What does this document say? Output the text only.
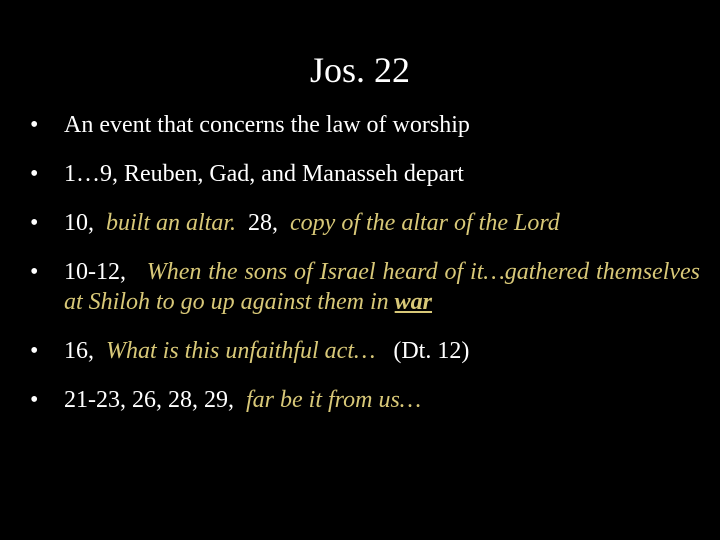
Jos. 22
•	An event that concerns the law of worship
•	1…9, Reuben, Gad, and Manasseh depart
•	10, built an altar. 28, copy of the altar of the Lord
•	10-12, When the sons of Israel heard of it…gathered themselves at Shiloh to go up against them in war
•	16, What is this unfaithful act… (Dt. 12)
•	21-23, 26, 28, 29, far be it from us…
